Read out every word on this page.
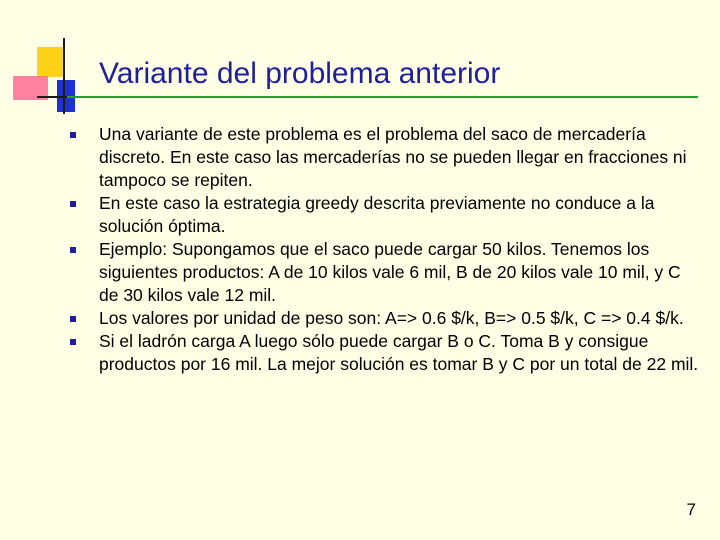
Variante del problema anterior
Una variante de este problema es el problema del saco de mercadería discreto. En este caso las mercaderías no se pueden llegar en fracciones ni tampoco se repiten.
En este caso la estrategia greedy descrita previamente no conduce a la solución óptima.
Ejemplo: Supongamos que el saco puede cargar 50 kilos. Tenemos los siguientes productos: A de 10 kilos vale 6 mil, B de 20 kilos vale 10 mil, y C de 30 kilos vale 12 mil.
Los valores por unidad de peso son: A=> 0.6 $/k, B=> 0.5 $/k, C => 0.4 $/k.
Si el ladrón carga A luego sólo puede cargar B o C. Toma B y consigue productos por 16 mil. La mejor solución es tomar B y C por un total de 22 mil.
7
